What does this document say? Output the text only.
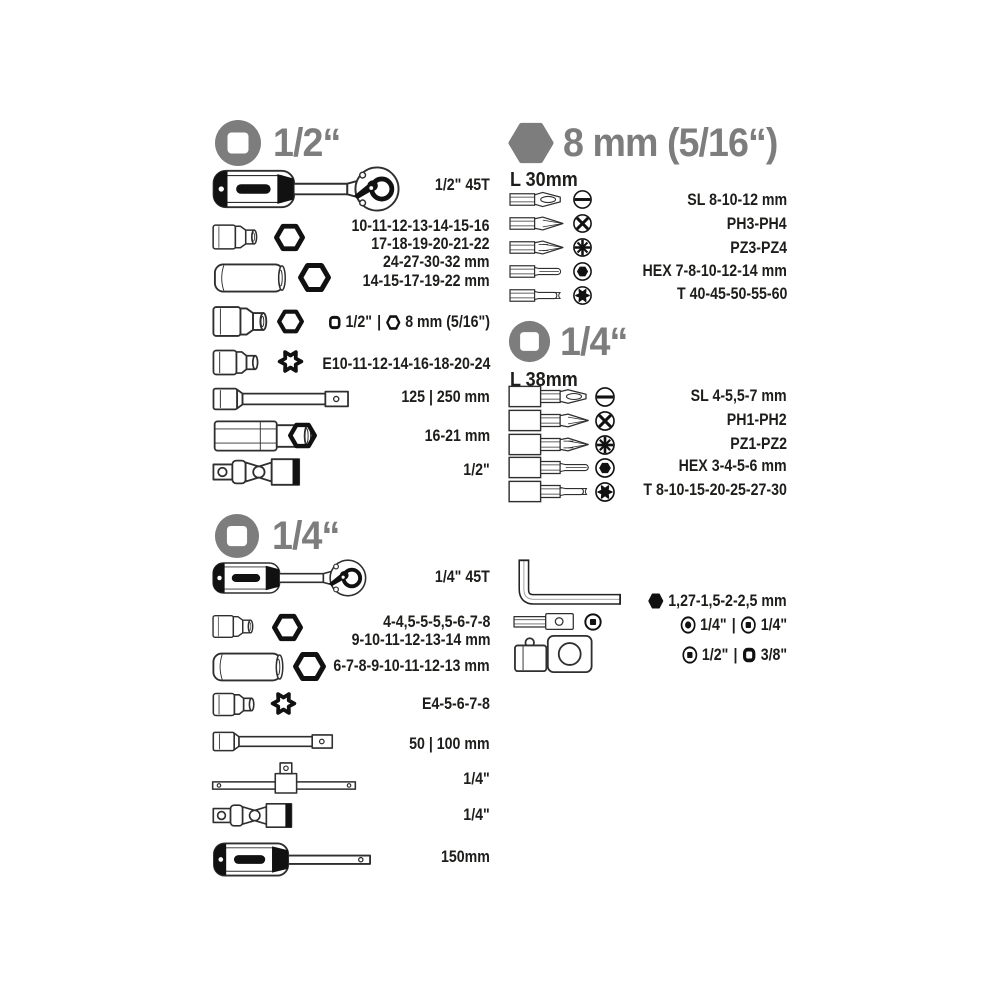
1/2“
1/2" 45T
10-11-12-13-14-15-16
17-18-19-20-21-22
24-27-30-32 mm
14-15-17-19-22 mm
1/2" | 8 mm (5/16")
E10-11-12-14-16-18-20-24
125 | 250 mm
16-21 mm
1/2"
8 mm (5/16“)
L 30mm
SL 8-10-12 mm
PH3-PH4
PZ3-PZ4
HEX 7-8-10-12-14 mm
T 40-45-50-55-60
1/4“
L 38mm
SL 4-5,5-7 mm
PH1-PH2
PZ1-PZ2
HEX 3-4-5-6 mm
T 8-10-15-20-25-27-30
1/4“
1/4" 45T
4-4,5-5-5,5-6-7-8
9-10-11-12-13-14 mm
6-7-8-9-10-11-12-13 mm
E4-5-6-7-8
50 | 100 mm
1/4"
1/4"
150mm
1,27-1,5-2-2,5 mm
1/4" | 1/4"
1/2" | 3/8"
